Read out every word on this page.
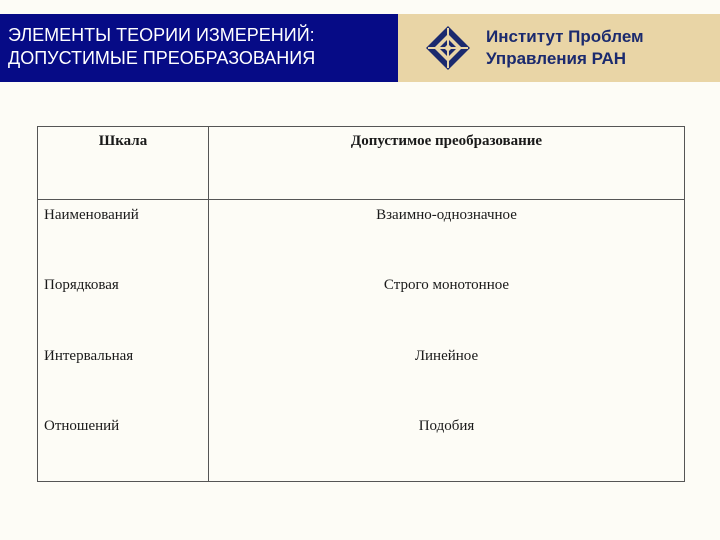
ЭЛЕМЕНТЫ ТЕОРИИ ИЗМЕРЕНИЙ:
ДОПУСТИМЫЕ ПРЕОБРАЗОВАНИЯ
Институт Проблем
Управления РАН
Шкала	Допустимое преобразование
Наименований	Взаимно-однозначное
Порядковая	Строго монотонное
Интервальная	Линейное
Отношений	Подобия
